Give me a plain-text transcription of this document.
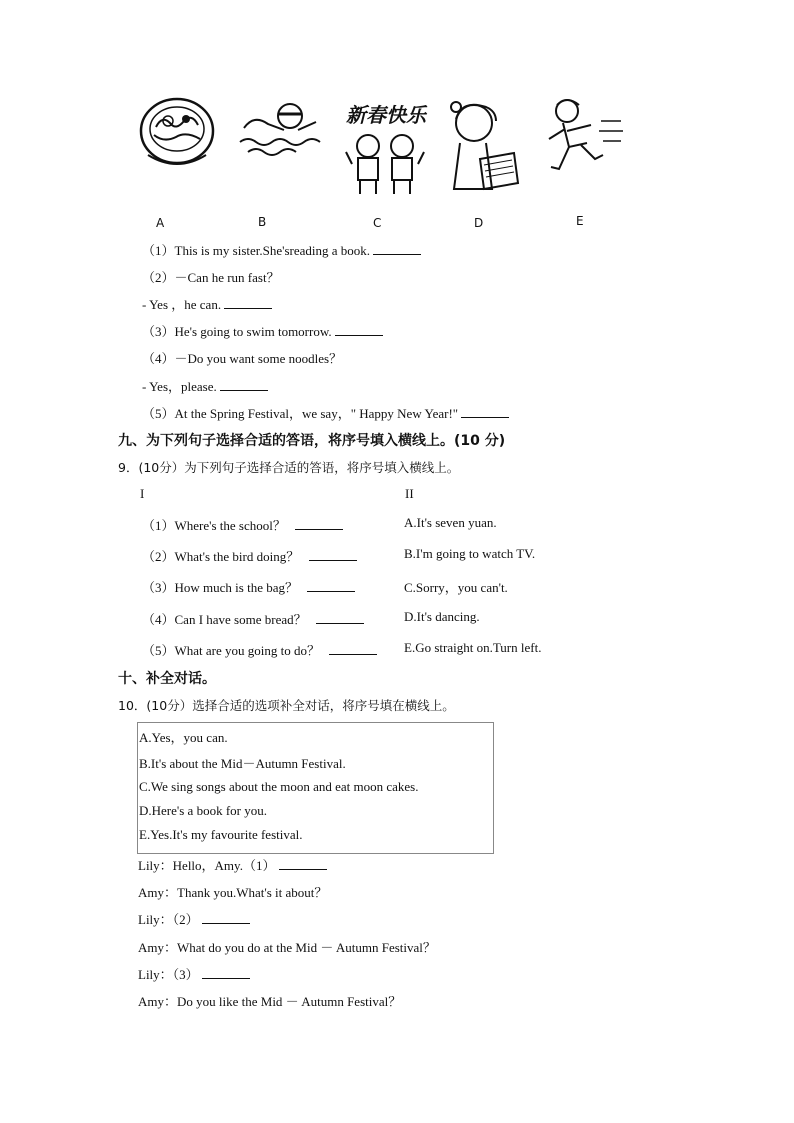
新春快乐
A	B	C	D	E
（1）This is my sister.She'sreading a book.
（2）－Can he run fast？
- Yes ，he can.
（3）He's going to swim tomorrow.
（4）－Do you want some noodles？
- Yes，please.
（5）At the Spring Festival，we say，" Happy New Year!"
九、为下列句子选择合适的答语，将序号填入横线上。(10 分)
9．(10分）为下列句子选择合适的答语，将序号填入横线上。
I	II
（1）Where's the school？
（2）What's the bird doing？
（3）How much is the bag？
（4）Can I have some bread？
（5）What are you going to do？
A.It's seven yuan.
B.I'm going to watch TV.
C.Sorry，you can't.
D.It's dancing.
E.Go straight on.Turn left.
十、补全对话。
10．(10分）选择合适的选项补全对话，将序号填在横线上。
A.Yes，you can.
B.It's about the Mid－Autumn Festival.
C.We sing songs about the moon and eat moon cakes.
D.Here's a book for you.
E.Yes.It's my favourite festival.
Lily：Hello，Amy.（1）
Amy：Thank you.What's it about？
Lily：（2）
Amy：What do you do at the Mid － Autumn Festival？
Lily：（3）
Amy：Do you like the Mid － Autumn Festival？
